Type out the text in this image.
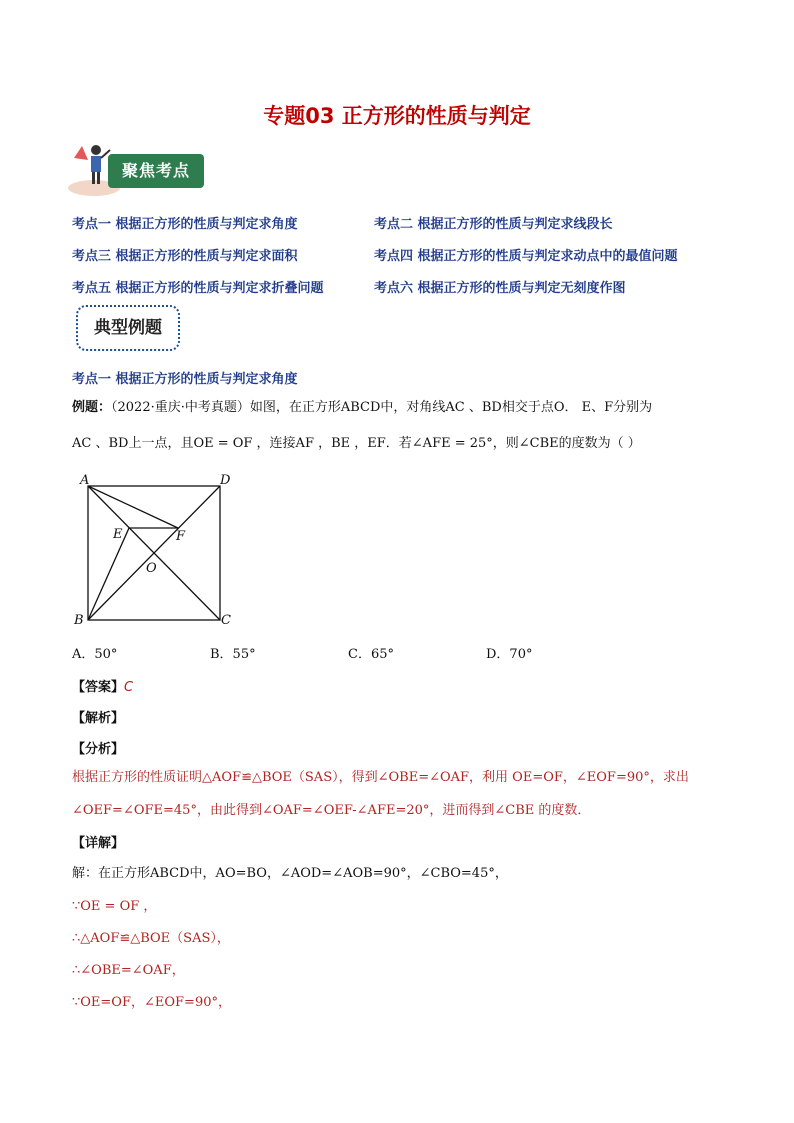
专题03 正方形的性质与判定
聚焦考点
考点一 根据正方形的性质与判定求角度	考点二 根据正方形的性质与判定求线段长
考点三 根据正方形的性质与判定求面积	考点四 根据正方形的性质与判定求动点中的最值问题
考点五 根据正方形的性质与判定求折叠问题	考点六 根据正方形的性质与判定无刻度作图
典型例题
考点一 根据正方形的性质与判定求角度
例题：（2022·重庆·中考真题）如图，在正方形ABCD中，对角线AC 、BD相交于点O． E、F分别为
AC 、BD上一点，且OE = OF ，连接AF ，BE ，EF．若∠AFE = 25°，则∠CBE的度数为（ ）
A	D
B	C
E	F
O
A．50°	B．55°	C．65°	D．70°
【答案】C
【解析】
【分析】
根据正方形的性质证明△AOF≌△BOE（SAS），得到∠OBE=∠OAF，利用 OE=OF，∠EOF=90°，求出
∠OEF=∠OFE=45°，由此得到∠OAF=∠OEF-∠AFE=20°，进而得到∠CBE 的度数．
【详解】
解：在正方形ABCD中，AO=BO，∠AOD=∠AOB=90°，∠CBO=45°，
∵OE = OF ，
∴△AOF≌△BOE（SAS），
∴∠OBE=∠OAF，
∵OE=OF，∠EOF=90°，
